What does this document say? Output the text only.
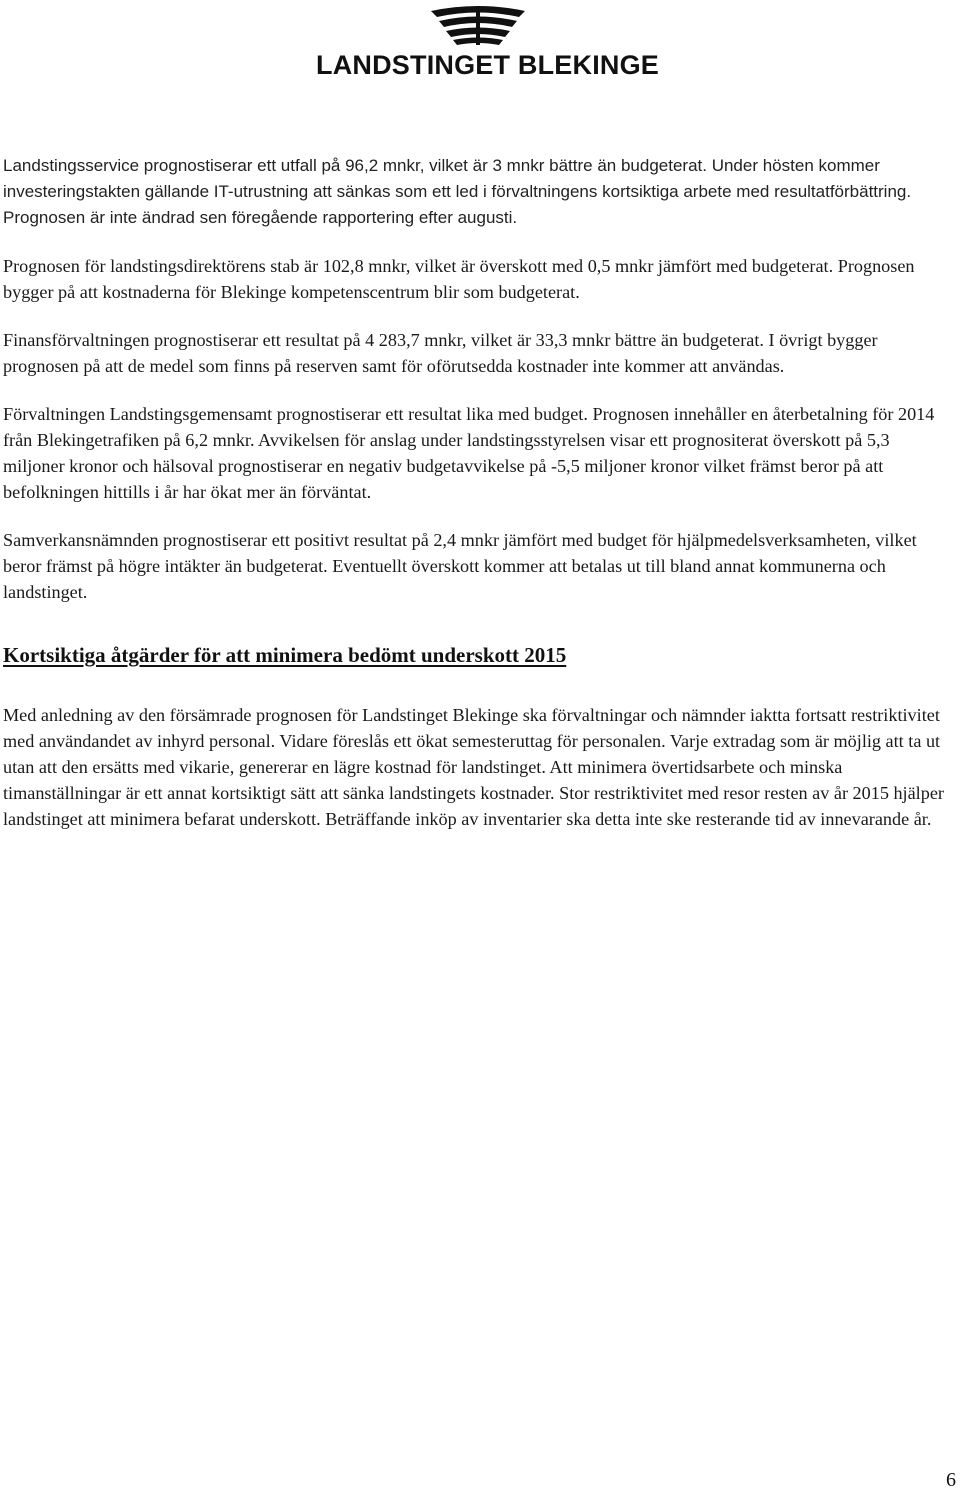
LANDSTINGET BLEKINGE

Landstingsservice prognostiserar ett utfall på 96,2 mnkr, vilket är 3 mnkr bättre än budgeterat. Under hösten kommer investeringstakten gällande IT-utrustning att sänkas som ett led i förvaltningens kortsiktiga arbete med resultatförbättring. Prognosen är inte ändrad sen föregående rapportering efter augusti.

Prognosen för landstingsdirektörens stab är 102,8 mnkr, vilket är överskott med 0,5 mnkr jämfört med budgeterat. Prognosen bygger på att kostnaderna för Blekinge kompetenscentrum blir som budgeterat.

Finansförvaltningen prognostiserar ett resultat på 4 283,7 mnkr, vilket är 33,3 mnkr bättre än budgeterat. I övrigt bygger prognosen på att de medel som finns på reserven samt för oförutsedda kostnader inte kommer att användas.

Förvaltningen Landstingsgemensamt prognostiserar ett resultat lika med budget. Prognosen innehåller en återbetalning för 2014 från Blekingetrafiken på 6,2 mnkr. Avvikelsen för anslag under landstingsstyrelsen visar ett prognositerat överskott på 5,3 miljoner kronor och hälsoval prognostiserar en negativ budgetavvikelse på -5,5 miljoner kronor vilket främst beror på att befolkningen hittills i år har ökat mer än förväntat.

Samverkansnämnden prognostiserar ett positivt resultat på 2,4 mnkr jämfört med budget för hjälpmedelsverksamheten, vilket beror främst på högre intäkter än budgeterat. Eventuellt överskott kommer att betalas ut till bland annat kommunerna och landstinget.

Kortsiktiga åtgärder för att minimera bedömt underskott 2015

Med anledning av den försämrade prognosen för Landstinget Blekinge ska förvaltningar och nämnder iaktta fortsatt restriktivitet med användandet av inhyrd personal. Vidare föreslås ett ökat semesteruttag för personalen. Varje extradag som är möjlig att ta ut utan att den ersätts med vikarie, genererar en lägre kostnad för landstinget. Att minimera övertidsarbete och minska timanställningar är ett annat kortsiktigt sätt att sänka landstingets kostnader. Stor restriktivitet med resor resten av år 2015 hjälper landstinget att minimera befarat underskott. Beträffande inköp av inventarier ska detta inte ske resterande tid av innevarande år.

6
